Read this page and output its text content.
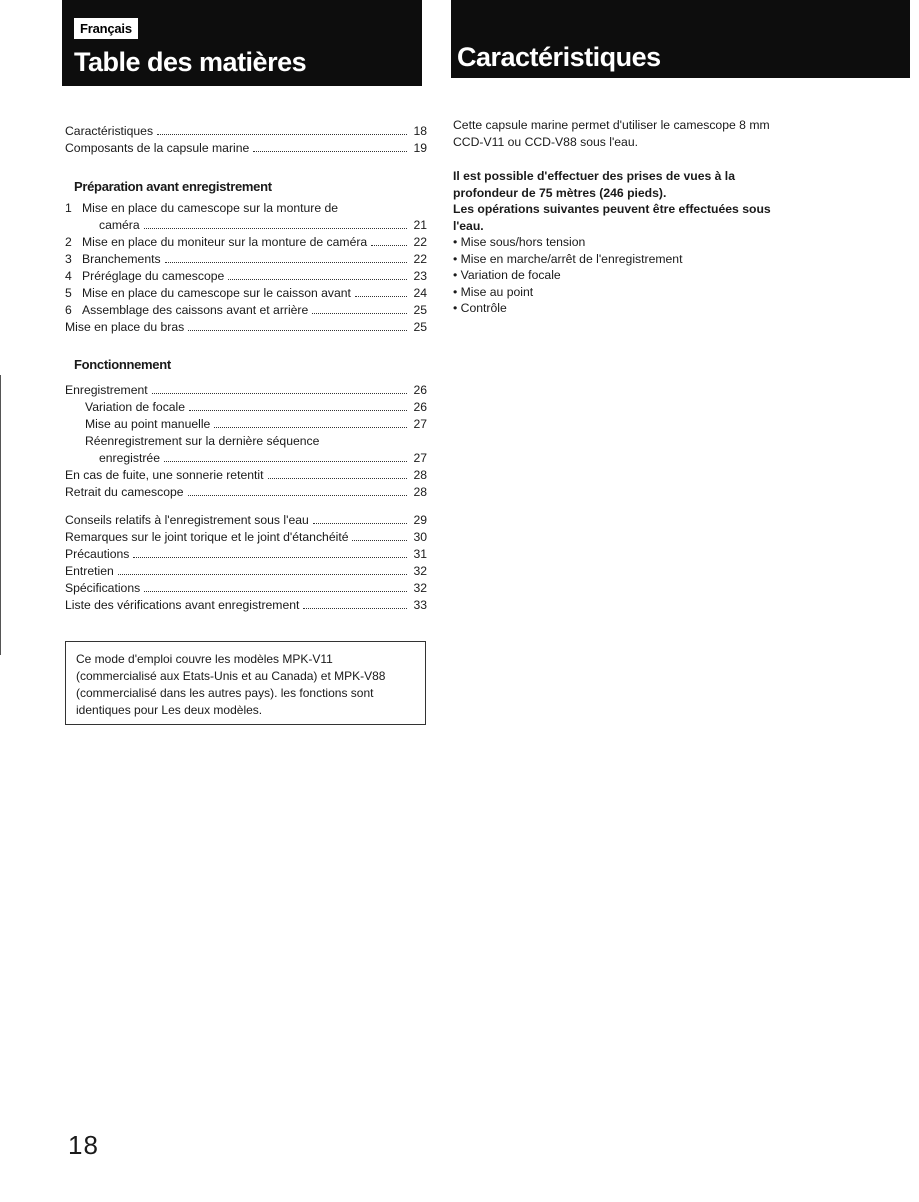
Français
Table des matières	Caractéristiques
Caractéristiques	18
Composants de la capsule marine	19
Préparation avant enregistrement
1 Mise en place du camescope sur la monture de
caméra	21
2 Mise en place du moniteur sur la monture de caméra	22
3 Branchements	22
4 Préréglage du camescope	23
5 Mise en place du camescope sur le caisson avant	24
6 Assemblage des caissons avant et arrière	25
Mise en place du bras	25
Fonctionnement
Enregistrement	26
Variation de focale	26
Mise au point manuelle	27
Réenregistrement sur la dernière séquence
enregistrée	27
En cas de fuite, une sonnerie retentit	28
Retrait du camescope	28
Conseils relatifs à l'enregistrement sous l'eau	29
Remarques sur le joint torique et le joint d'étanchéité	30
Précautions	31
Entretien	32
Spécifications	32
Liste des vérifications avant enregistrement	33
Ce mode d'emploi couvre les modèles MPK-V11
(commercialisé aux Etats-Unis et au Canada) et MPK-V88
(commercialisé dans les autres pays). les fonctions sont
identiques pour Les deux modèles.

Cette capsule marine permet d'utiliser le camescope 8 mm

CCD-V11 ou CCD-V88 sous l'eau.

Il est possible d'effectuer des prises de vues à la

profondeur de 75 mètres (246 pieds).

Les opérations suivantes peuvent être effectuées sous

l'eau.

• Mise sous/hors tension

• Mise en marche/arrêt de l'enregistrement

• Variation de focale

• Mise au point

• Contrôle

18
